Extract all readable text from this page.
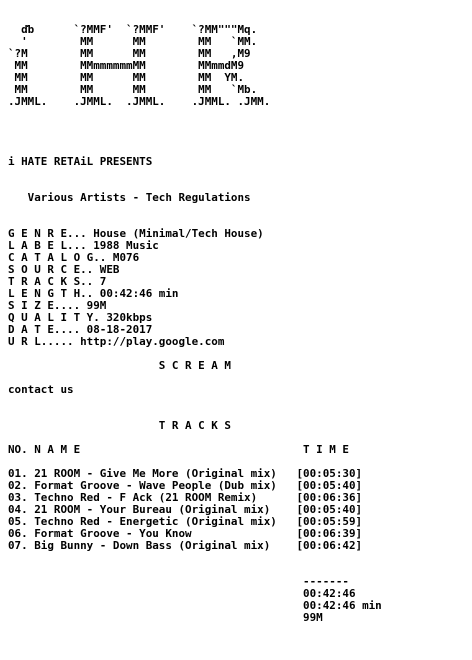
ďb      `?MMF'  `?MMF'    `?MM"""Mq.
'        MM      MM        MM   `MM.
`?M        MM      MM        MM   ,M9
MM        MMmmmmmmMM        MMmmdM9
MM        MM      MM        MM  YM.
MM        MM      MM        MM   `Mb.
.JMML.    .JMML.  .JMML.    .JMML. .JMM.
i HATE RETAiL PRESENTS
Various Artists - Tech Regulations
G E N R E... House (Minimal/Tech House)
L A B E L... 1988 Music
C A T A L O G.. M076
S O U R C E.. WEB
T R A C K S.. 7
L E N G T H.. 00:42:46 min
S I Z E.... 99M
Q U A L I T Y. 320kbps
D A T E.... 08-18-2017
U R L..... http://play.google.com
S C R E A M
contact us
T R A C K S
NO. N A M E                                  T I M E
01. 21 ROOM - Give Me More (Original mix)   [00:05:30]
02. Format Groove - Wave People (Dub mix)   [00:05:40]
03. Techno Red - F Ack (21 ROOM Remix)      [00:06:36]
04. 21 ROOM - Your Bureau (Original mix)    [00:05:40]
05. Techno Red - Energetic (Original mix)   [00:05:59]
06. Format Groove - You Know                [00:06:39]
07. Big Bunny - Down Bass (Original mix)    [00:06:42]
-------
00:42:46
00:42:46 min
99M
